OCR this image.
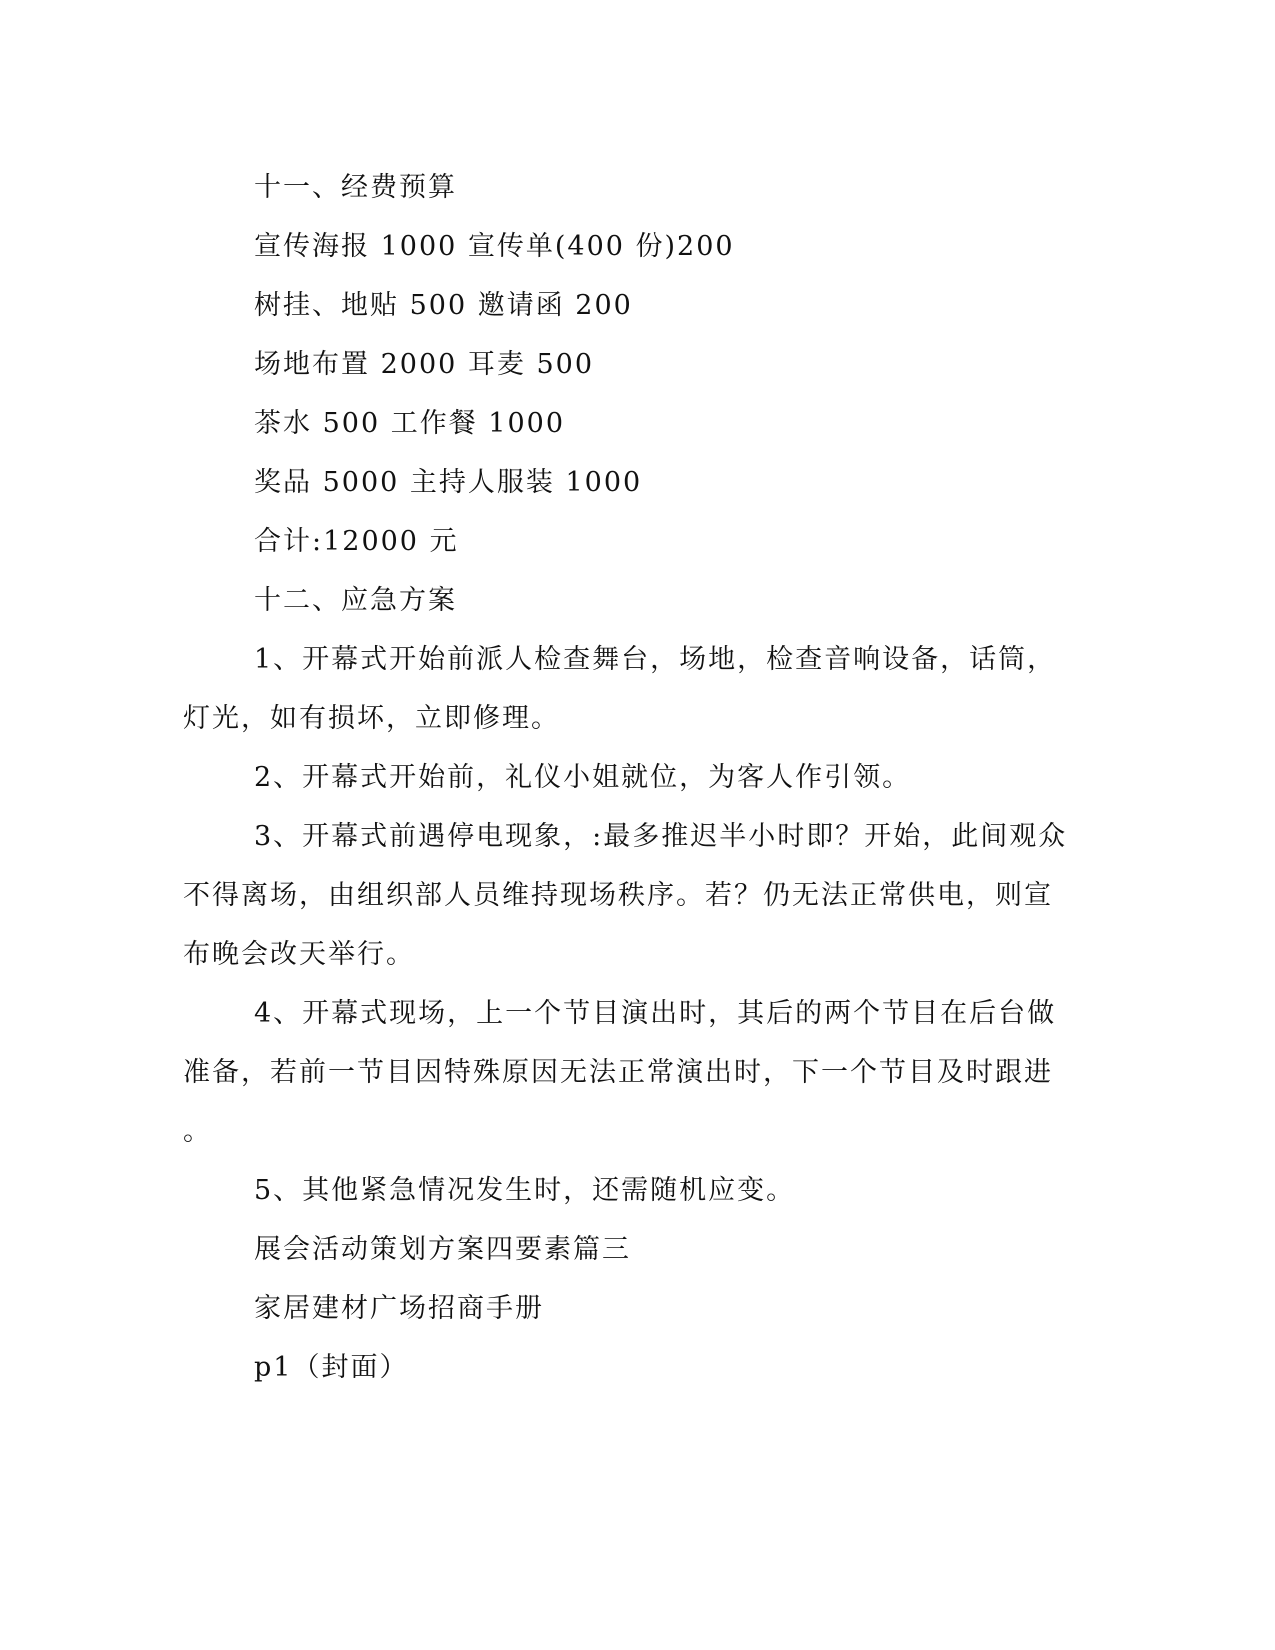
十一、经费预算
宣传海报 1000 宣传单(400 份)200
树挂、地贴 500 邀请函 200
场地布置 2000 耳麦 500
茶水 500 工作餐 1000
奖品 5000 主持人服装 1000
合计:12000 元
十二、应急方案
1、开幕式开始前派人检查舞台，场地，检查音响设备，话筒，
灯光，如有损坏，立即修理。
2、开幕式开始前，礼仪小姐就位，为客人作引领。
3、开幕式前遇停电现象，:最多推迟半小时即？开始，此间观众
不得离场，由组织部人员维持现场秩序。若？仍无法正常供电，则宣
布晚会改天举行。
4、开幕式现场，上一个节目演出时，其后的两个节目在后台做
准备，若前一节目因特殊原因无法正常演出时，下一个节目及时跟进
。
5、其他紧急情况发生时，还需随机应变。
展会活动策划方案四要素篇三
家居建材广场招商手册
p1（封面）
